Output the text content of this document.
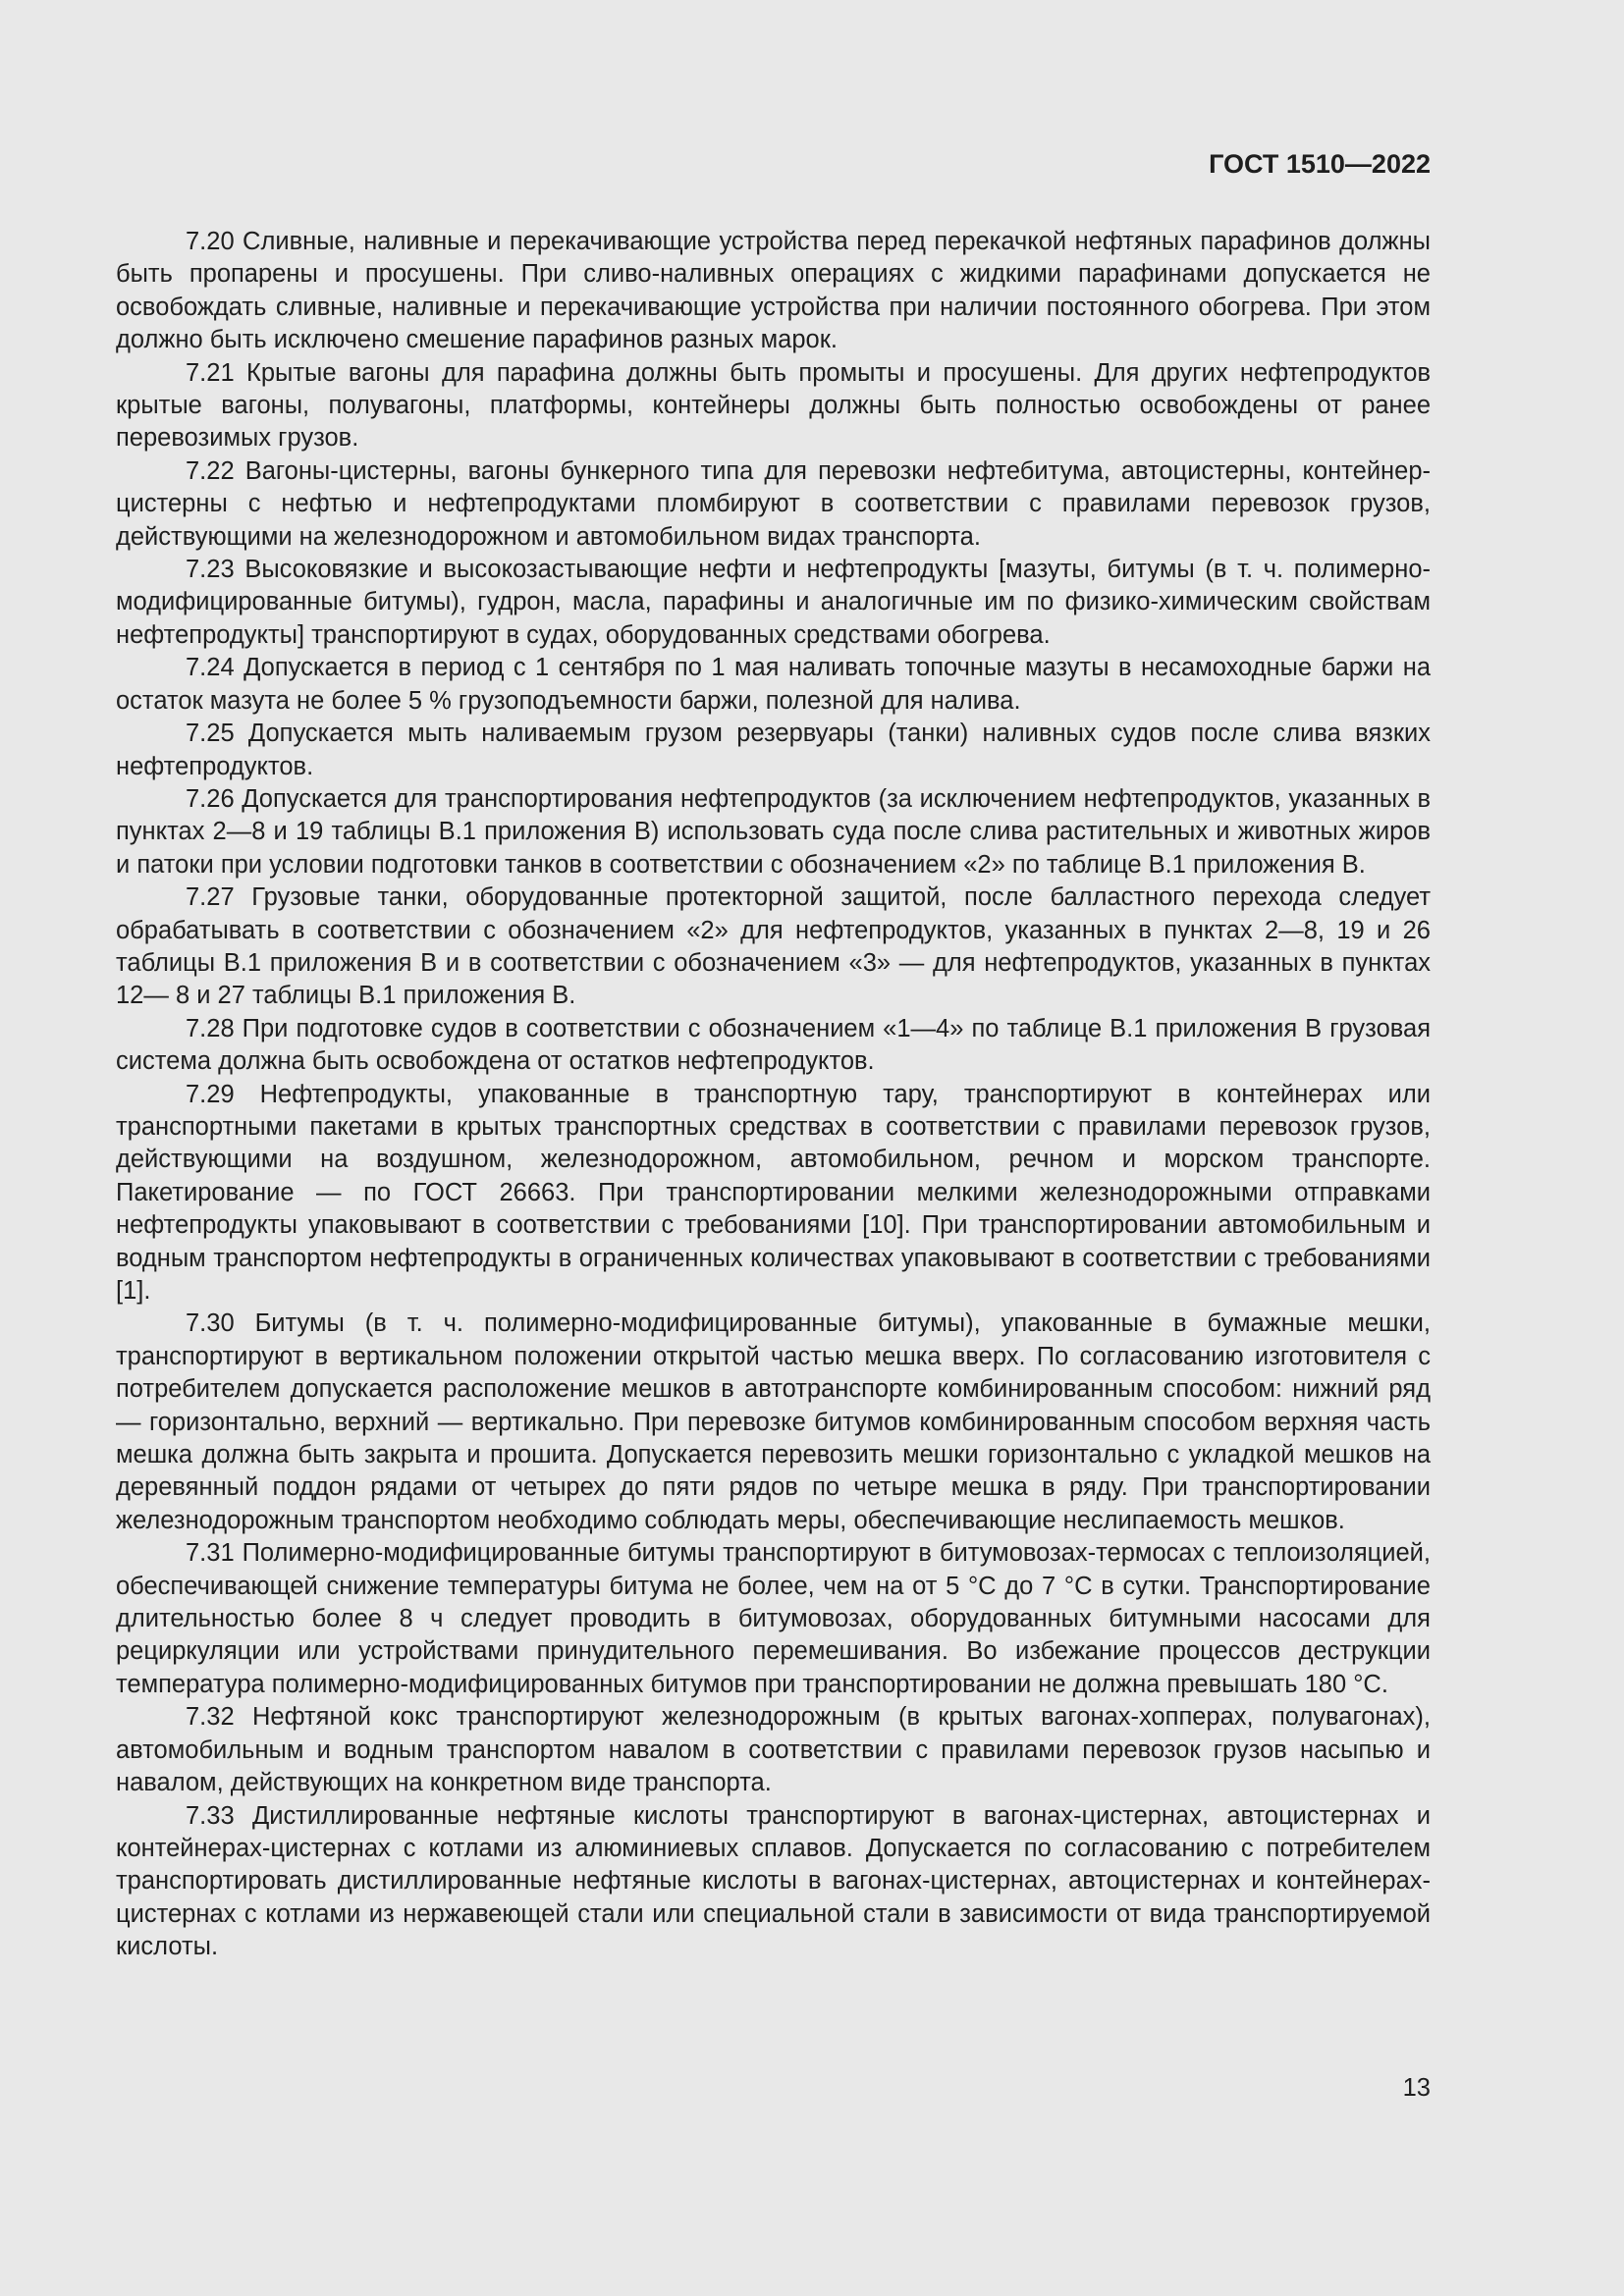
ГОСТ 1510—2022

7.20 Сливные, наливные и перекачивающие устройства перед перекачкой нефтяных парафинов должны быть пропарены и просушены. При сливо-наливных операциях с жидкими парафинами допускается не освобождать сливные, наливные и перекачивающие устройства при наличии постоянного обогрева. При этом должно быть исключено смешение парафинов разных марок.

7.21 Крытые вагоны для парафина должны быть промыты и просушены. Для других нефтепродуктов крытые вагоны, полувагоны, платформы, контейнеры должны быть полностью освобождены от ранее перевозимых грузов.

7.22 Вагоны-цистерны, вагоны бункерного типа для перевозки нефтебитума, автоцистерны, контейнер-цистерны с нефтью и нефтепродуктами пломбируют в соответствии с правилами перевозок грузов, действующими на железнодорожном и автомобильном видах транспорта.

7.23 Высоковязкие и высокозастывающие нефти и нефтепродукты [мазуты, битумы (в т. ч. полимерно-модифицированные битумы), гудрон, масла, парафины и аналогичные им по физико-химическим свойствам нефтепродукты] транспортируют в судах, оборудованных средствами обогрева.

7.24 Допускается в период с 1 сентября по 1 мая наливать топочные мазуты в несамоходные баржи на остаток мазута не более 5 % грузоподъемности баржи, полезной для налива.

7.25 Допускается мыть наливаемым грузом резервуары (танки) наливных судов после слива вязких нефтепродуктов.

7.26 Допускается для транспортирования нефтепродуктов (за исключением нефтепродуктов, указанных в пунктах 2—8 и 19 таблицы В.1 приложения В) использовать суда после слива растительных и животных жиров и патоки при условии подготовки танков в соответствии с обозначением «2» по таблице В.1 приложения В.

7.27 Грузовые танки, оборудованные протекторной защитой, после балластного перехода следует обрабатывать в соответствии с обозначением «2» для нефтепродуктов, указанных в пунктах 2—8, 19 и 26 таблицы В.1 приложения В и в соответствии с обозначением «3» — для нефтепродуктов, указанных в пунктах 12— 8 и 27 таблицы В.1 приложения В.

7.28 При подготовке судов в соответствии с обозначением «1—4» по таблице В.1 приложения В грузовая система должна быть освобождена от остатков нефтепродуктов.

7.29 Нефтепродукты, упакованные в транспортную тару, транспортируют в контейнерах или транспортными пакетами в крытых транспортных средствах в соответствии с правилами перевозок грузов, действующими на воздушном, железнодорожном, автомобильном, речном и морском транспорте. Пакетирование — по ГОСТ 26663. При транспортировании мелкими железнодорожными отправками нефтепродукты упаковывают в соответствии с требованиями [10]. При транспортировании автомобильным и водным транспортом нефтепродукты в ограниченных количествах упаковывают в соответствии с требованиями [1].

7.30 Битумы (в т. ч. полимерно-модифицированные битумы), упакованные в бумажные мешки, транспортируют в вертикальном положении открытой частью мешка вверх. По согласованию изготовителя с потребителем допускается расположение мешков в автотранспорте комбинированным способом: нижний ряд — горизонтально, верхний — вертикально. При перевозке битумов комбинированным способом верхняя часть мешка должна быть закрыта и прошита. Допускается перевозить мешки горизонтально с укладкой мешков на деревянный поддон рядами от четырех до пяти рядов по четыре мешка в ряду. При транспортировании железнодорожным транспортом необходимо соблюдать меры, обеспечивающие неслипаемость мешков.

7.31 Полимерно-модифицированные битумы транспортируют в битумовозах-термосах с теплоизоляцией, обеспечивающей снижение температуры битума не более, чем на от 5 °С до 7 °С в сутки. Транспортирование длительностью более 8 ч следует проводить в битумовозах, оборудованных битумными насосами для рециркуляции или устройствами принудительного перемешивания. Во избежание процессов деструкции температура полимерно-модифицированных битумов при транспортировании не должна превышать 180 °С.

7.32 Нефтяной кокс транспортируют железнодорожным (в крытых вагонах-хопперах, полувагонах), автомобильным и водным транспортом навалом в соответствии с правилами перевозок грузов насыпью и навалом, действующих на конкретном виде транспорта.

7.33 Дистиллированные нефтяные кислоты транспортируют в вагонах-цистернах, автоцистернах и контейнерах-цистернах с котлами из алюминиевых сплавов. Допускается по согласованию с потребителем транспортировать дистиллированные нефтяные кислоты в вагонах-цистернах, автоцистернах и контейнерах-цистернах с котлами из нержавеющей стали или специальной стали в зависимости от вида транспортируемой кислоты.

13
